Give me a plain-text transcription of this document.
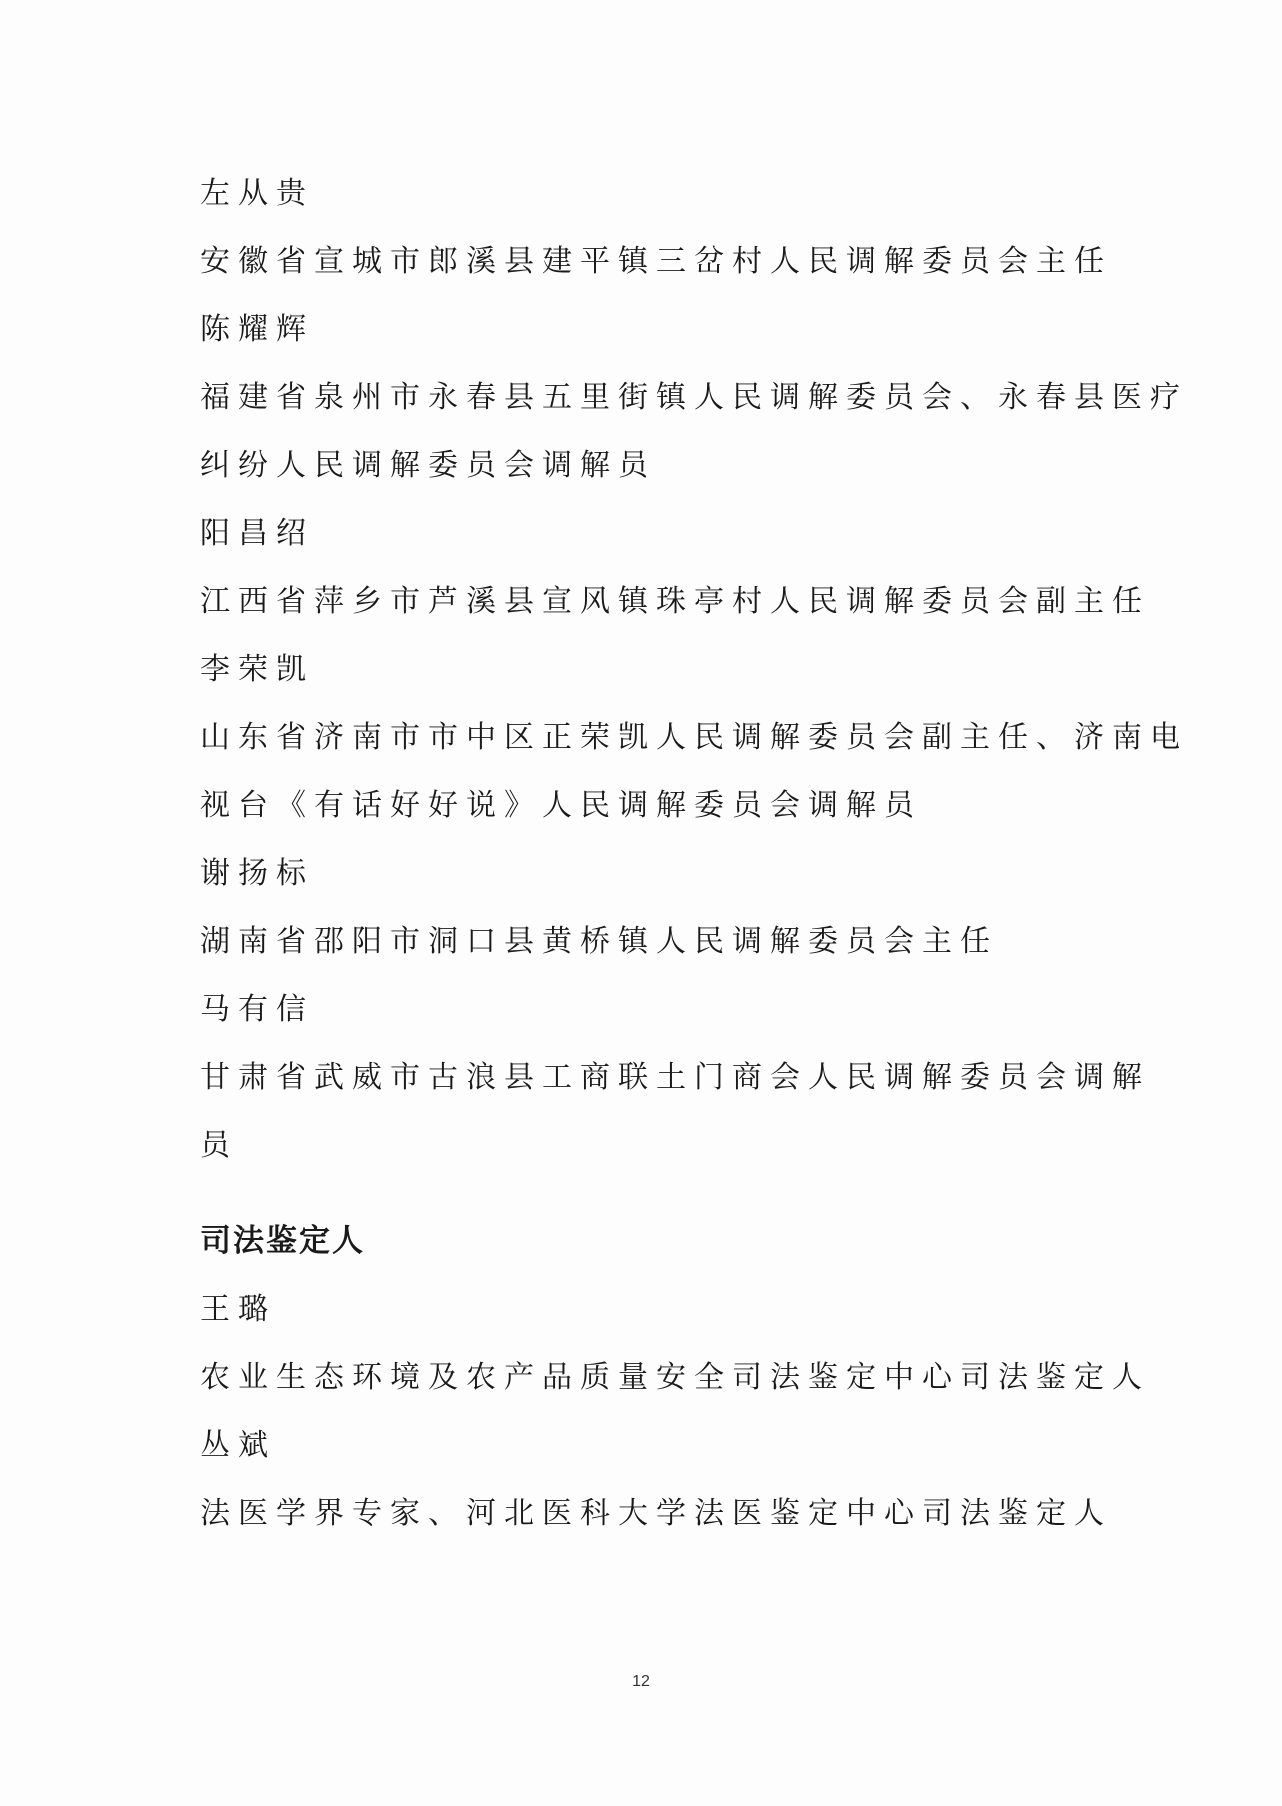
左从贵
安徽省宣城市郎溪县建平镇三岔村人民调解委员会主任
陈耀辉
福建省泉州市永春县五里街镇人民调解委员会、永春县医疗
纠纷人民调解委员会调解员
阳昌绍
江西省萍乡市芦溪县宣风镇珠亭村人民调解委员会副主任
李荣凯
山东省济南市市中区正荣凯人民调解委员会副主任、济南电
视台《有话好好说》人民调解委员会调解员
谢扬标
湖南省邵阳市洞口县黄桥镇人民调解委员会主任
马有信
甘肃省武威市古浪县工商联土门商会人民调解委员会调解
员
司法鉴定人
王璐
农业生态环境及农产品质量安全司法鉴定中心司法鉴定人
丛斌
法医学界专家、河北医科大学法医鉴定中心司法鉴定人
12
